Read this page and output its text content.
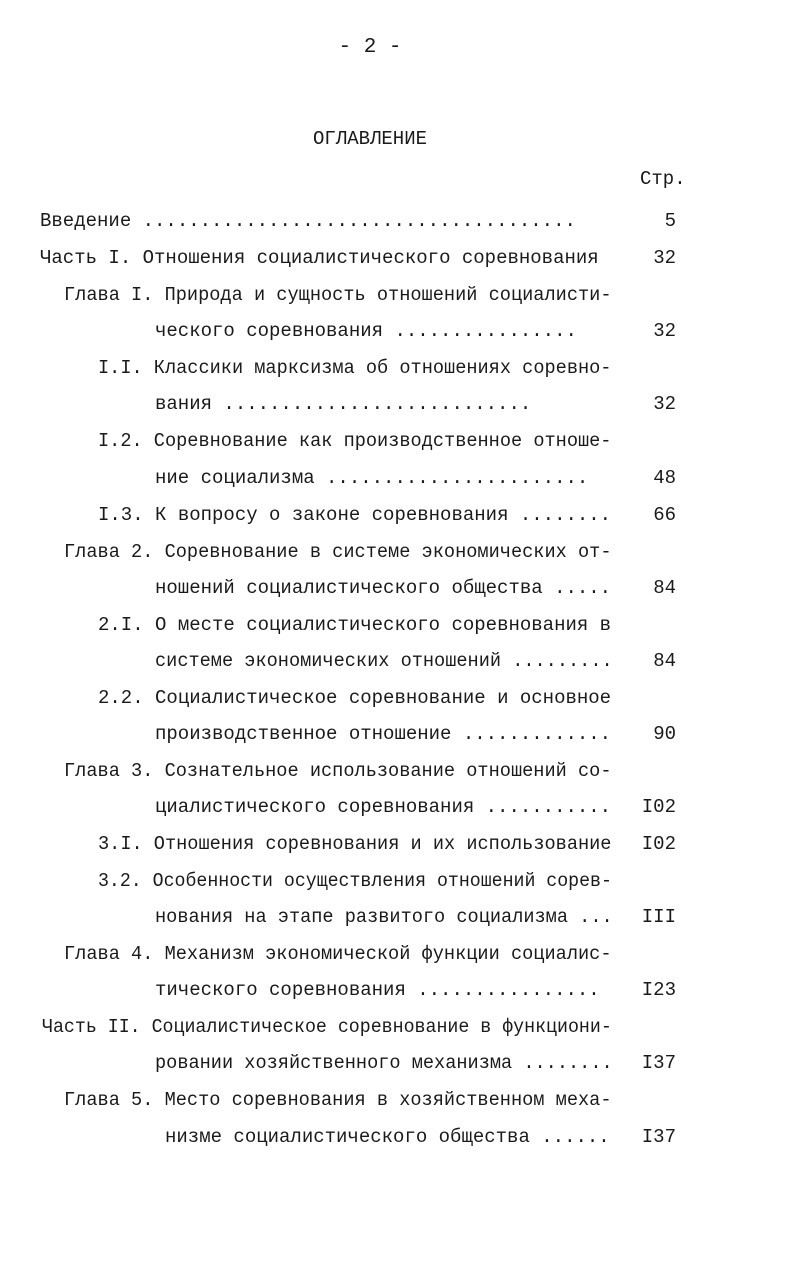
- 2 -
ОГЛАВЛЕНИЕ
Стр.
Введение ......................................	5
Часть I. Отношения социалистического соревнования	32
Глава I. Природа и сущность отношений социалисти-
ческого соревнования ................	32
I.I. Классики марксизма об отношениях соревно-
вания ...........................	32
I.2. Соревнование как производственное отноше-
ние социализма .......................	48
I.3. К вопросу о законе соревнования ........	66
Глава 2. Соревнование в системе экономических от-
ношений социалистического общества .....	84
2.I. О месте социалистического соревнования в
системе экономических отношений .........	84
2.2. Социалистическое соревнование и основное
производственное отношение .............	90
Глава 3. Сознательное использование отношений со-
циалистического соревнования ...........	I02
3.I. Отношения соревнования и их использование	I02
3.2. Особенности осуществления отношений сорев-
нования на этапе развитого социализма ...	III
Глава 4. Механизм экономической функции социалис-
тического соревнования ................	I23
Часть II. Социалистическое соревнование в функциони-
ровании хозяйственного механизма ........	I37
Глава 5. Место соревнования в хозяйственном меха-
низме социалистического общества ......	I37
